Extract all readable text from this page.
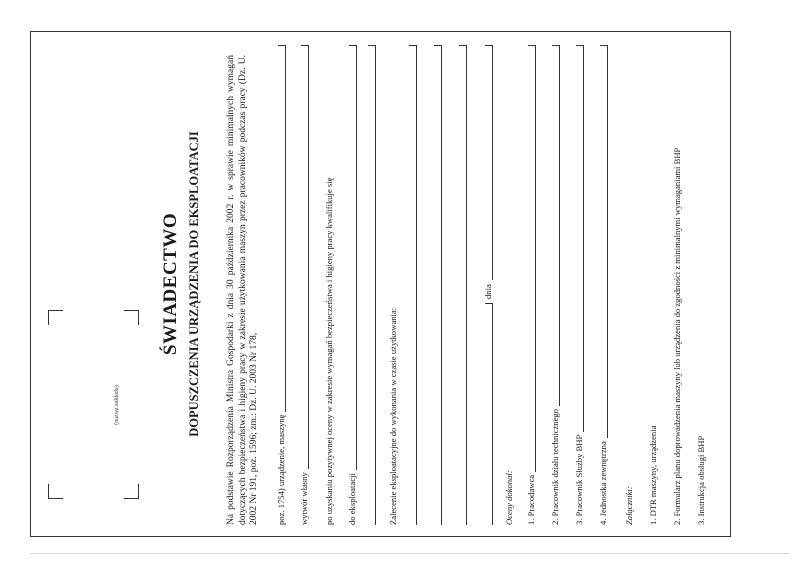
(nazwa zakładu)
ŚWIADECTWO DOPUSZCZENIA URZĄDZENIA DO EKSPLOATACJI	Na podstawie Rozporządzenia Ministra Gospodarki z dnia 30 października 2002 r. w sprawie minimalnych wymagań dotyczących bezpieczeństwa i higieny pracy w zakresie użytkowania maszyn przez pracowników podczas pracy (Dz. U. 2002 Nr 191, poz. 1596; zm.: Dz. U. 2003 Nr 178, poz. 1754) urządzenie, maszynę wytwór własny po uzyskaniu pozytywnej oceny w zakresie wymagań bezpieczeństwa i higieny pracy kwalifikuje się do eksploatacji	Zalecenie eksploatacyjne do wykonania w czasie użytkowania:
dnia
Oceny dokonał: 1. Pracodawca 2. Pracownik działu technicznego 3. Pracownik Służby BHP 4. Jednostka zewnętrzna Załączniki: 1. DTR maszyny, urządzenia 2. Formularz planu doprowadzenia maszyny lub urządzenia do zgodności z minimalnymi wymaganiami BHP 3. Instrukcja obsługi BHP
